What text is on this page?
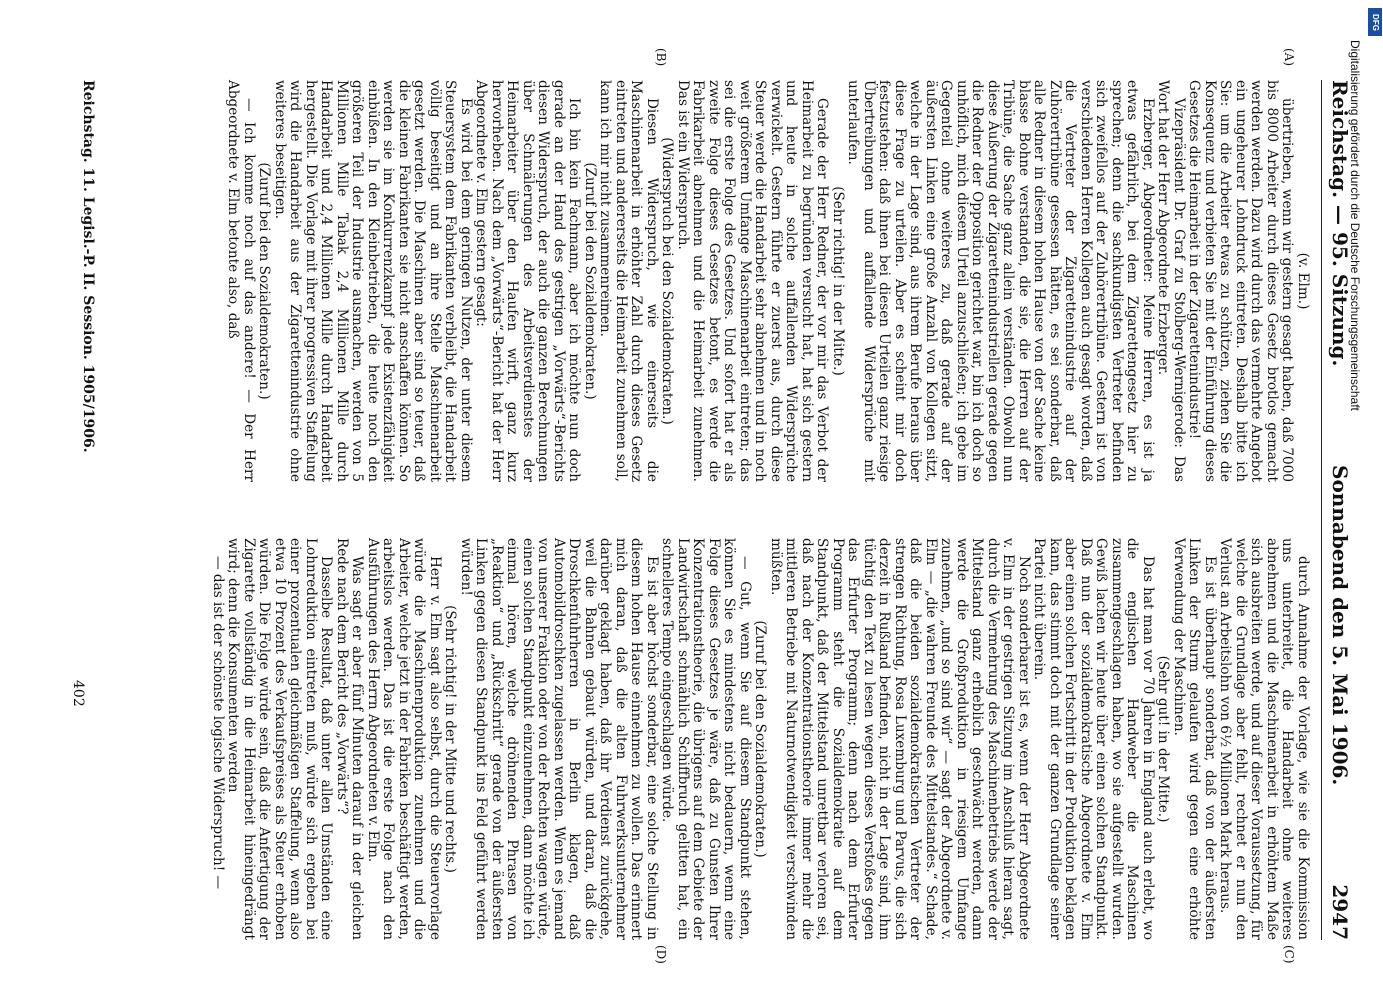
Reichstag. — 95. Sitzung.
Sonnabend den 5. Mai 1906.
2947
(A)
(B)
(C)
(D)

(v. Elm.)

übertrieben, wenn wir gestern gesagt haben, daß 7000 bis 8000 Arbeiter durch dieses Gesetz brotlos gemacht werden werden. Dazu wird durch das vermehrte Angebot ein ungeheurer Lohndruck eintreten. Deshalb bitte ich Sie: um die Arbeiter etwas zu schützen, ziehen Sie die Konsequenz und verbieten Sie mit der Einführung dieses Gesetzes die Heimarbeit in der Zigarettenindustrie!

Vizepräsident Dr. Graf zu Stolberg-Wernigerode: Das Wort hat der Herr Abgeordnete Erzberger.

Erzberger, Abgeordneter: Meine Herren, es ist ja etwas gefährlich, bei dem Zigarettengesetz hier zu sprechen; denn die sachkundigsten Vertreter befinden sich zweifellos auf der Zuhörertribüne. Gestern ist von verschiedenen Herren Kollegen auch gesagt worden, daß die Vertreter der Zigarettenindustrie auf der Zuhörertribüne gesessen hätten, es sei sonderbar, daß alle Redner in diesem hohen Hause von der Sache keine blasse Bohne verstanden, die sie, die Herren auf der Tribüne, die Sache ganz allein verständen. Obwohl nun diese Äußerung der Zigarettenindustriellen gerade gegen die Redner der Opposition gerichtet war, bin ich doch so unhöflich, mich diesem Urteil anzuschließen; ich gebe im Gegenteil ohne weiteres zu, daß gerade auf der äußersten Linken eine große Anzahl von Kollegen sitzt, welche in der Lage sind, aus ihrem Berufe heraus über diese Frage zu urteilen. Aber es scheint mir doch festzustehen: daß ihnen bei diesen Urteilen ganz riesige Übertreibungen und auffallende Widersprüche mit unterlaufen.

(Sehr richtig! in der Mitte.)

Gerade der Herr Redner, der vor mir das Verbot der Heimarbeit zu begründen versucht hat, hat sich gestern und heute in solche auffallenden Widersprüche verwickelt. Gestern führte er zuerst aus, durch diese Steuer werde die Handarbeit sehr abnehmen und in noch weit größerem Umfange Maschinenarbeit eintreten; das sei die erste Folge des Gesetzes. Und sofort hat er als zweite Folge dieses Gesetzes betont, es werde die Fabrikarbeit abnehmen und die Heimarbeit zunehmen. Das ist ein Widerspruch.

(Widerspruch bei den Sozialdemokraten.)

Diesen Widerspruch, wie einerseits die Maschinenarbeit in erhöhter Zahl durch dieses Gesetz eintreten und andererseits die Heimarbeit zunehmen soll, kann ich mir nicht zusammenreimen.

(Zuruf bei den Sozialdemokraten.)

Ich bin kein Fachmann, aber ich möchte nun doch gerade an der Hand des gestrigen „Vorwärts“-Berichts diesen Widerspruch, der auch die ganzen Berechnungen über Schmälerungen des Arbeitsverdienstes der Heimarbeiter über den Haufen wirft, ganz kurz hervorheben. Nach dem „Vorwärts“-Bericht hat der Herr Abgeordnete v. Elm gestern gesagt:

Es wird bei dem geringen Nutzen, der unter diesem Steuersystem dem Fabrikanten verbleibt, die Handarbeit völlig beseitigt und an ihre Stelle Maschinenarbeit gesetzt werden. Die Maschinen aber sind so teuer, daß die kleinen Fabrikanten sie nicht anschaffen können. So werden sie im Konkurrenzkampf jede Existenzfähigkeit einbüßen. In den Kleinbetrieben, die heute noch den größeren Teil der Industrie ausmachen, werden von 5 Millionen Mille Tabak 2,4 Millionen Mille durch Handarbeit und 2,4 Millionen Mille durch Handarbeit hergestellt. Die Vorlage mit ihrer progressiven Staffelung wird die Handarbeit aus der Zigarettenindustrie ohne weiteres beseitigen.

(Zuruf bei den Sozialdemokraten.)

— Ich komme noch auf das andere! — Der Herr Abgeordnete v. Elm betonte also, daß

durch Annahme der Vorlage, wie sie die Kommission uns unterbreitet, die Handarbeit ohne weiteres abnehmen und die Maschinenarbeit in erhöhtem Maße sich ausbreiten werde, und auf dieser Voraussetzung, für welche die Grundlage aber fehlt, rechnet er nun den Verlust an Arbeitslohn von 6½ Millionen Mark heraus.

Es ist überhaupt sonderbar, daß von der äußersten Linken der Sturm gelaufen wird gegen eine erhöhte Verwendung der Maschinen.

(Sehr gut! in der Mitte.)

Das hat man vor 70 Jahren in England auch erlebt, wo die englischen Handweber die Maschinen zusammengeschlagen haben, wo sie aufgestellt wurden. Gewiß lachen wir heute über einen solchen Standpunkt. Daß nun der sozialdemokratische Abgeordnete v. Elm aber einen solchen Fortschritt in der Produktion beklagen kann, das stimmt doch mit der ganzen Grundlage seiner Partei nicht überein.

Noch sonderbarer ist es, wenn der Herr Abgeordnete v. Elm in der gestrigen Sitzung im Anschluß hieran sagt, durch die Vermehrung des Maschinenbetriebs werde der Mittelstand ganz erheblich geschwächt werden, dann werde die Großproduktion in riesigem Umfange zunehmen, „und so sind wir“ — sagt der Abgeordnete v. Elm — „die wahren Freunde des Mittelstandes.“ Schade, daß die beiden sozialdemokratischen Vertreter der strengen Richtung, Rosa Luxemburg und Parvus, die sich derzeit in Rußland befinden, nicht in der Lage sind, ihm tüchtig den Text zu lesen wegen dieses Verstoßes gegen das Erfurter Programm; denn nach dem Erfurter Programm steht die Sozialdemokratie auf dem Standpunkt, daß der Mittelstand unrettbar verloren sei, daß nach der Konzentrationstheorie immer mehr die mittleren Betriebe mit Naturnotwendigkeit verschwinden müßten.

(Zuruf bei den Sozialdemokraten.)

— Gut, wenn Sie auf diesem Standpunkt stehen, können Sie es mindestens nicht bedauern, wenn eine Folge dieses Gesetzes je wäre, daß zu Gunsten Ihrer Konzentrationstheorie, die übrigens auf dem Gebiete der Landwirtschaft schmählich Schiffbruch gelitten hat, ein schnelleres Tempo eingeschlagen würde.

Es ist aber höchst sonderbar, eine solche Stellung in diesem hohen Hause einnehmen zu wollen. Das erinnert mich daran, daß die alten Fuhrwerksunternehmer darüber geklagt haben, daß ihr Verdienst zurückgehe, weil die Bahnen gebaut würden, und daran, daß die Droschkenfuhrherren in Berlin klagen, daß Automobildroschken zugelassen werden. Wenn es jemand von unserer Fraktion oder von der Rechten wagen würde, einen solchen Standpunkt einzunehmen, dann möchte ich einmal hören, welche dröhnenden Phrasen von „Reaktion“ und „Rückschritt“ gerade von der äußersten Linken gegen diesen Standpunkt ins Feld geführt werden würden!

(Sehr richtig! in der Mitte und rechts.)

Herr v. Elm sagt also selbst, durch die Steuervorlage würde die Maschinenproduktion zunehmen und die Arbeiter, welche jetzt in der Fabriken beschäftigt werden, arbeitslos werden. Das ist die erste Folge nach den Ausführungen des Herrn Abgeordneten v. Elm.

Was sagt er aber fünf Minuten darauf in der gleichen Rede nach dem Bericht des „Vorwärts“?

Dasselbe Resultat, daß unter allen Umständen eine Lohnreduktion eintreten muß, würde sich ergeben bei einer prozentualen gleichmäßigen Staffelung, wenn also etwa 10 Prozent des Verkaufspreises als Steuer erhoben würden. Die Folge würde sein, daß die Anfertigung der Zigarette vollständig in die Heimarbeit hineingedrängt wird; denn die Konsumenten werden

— das ist der schönste logische Widerspruch! —

Reichstag. 11. Legisl.-P. II. Session. 1905/1906.
402
DFG
Digitalisierung gefördert durch die Deutsche Forschungsgemeinschaft
